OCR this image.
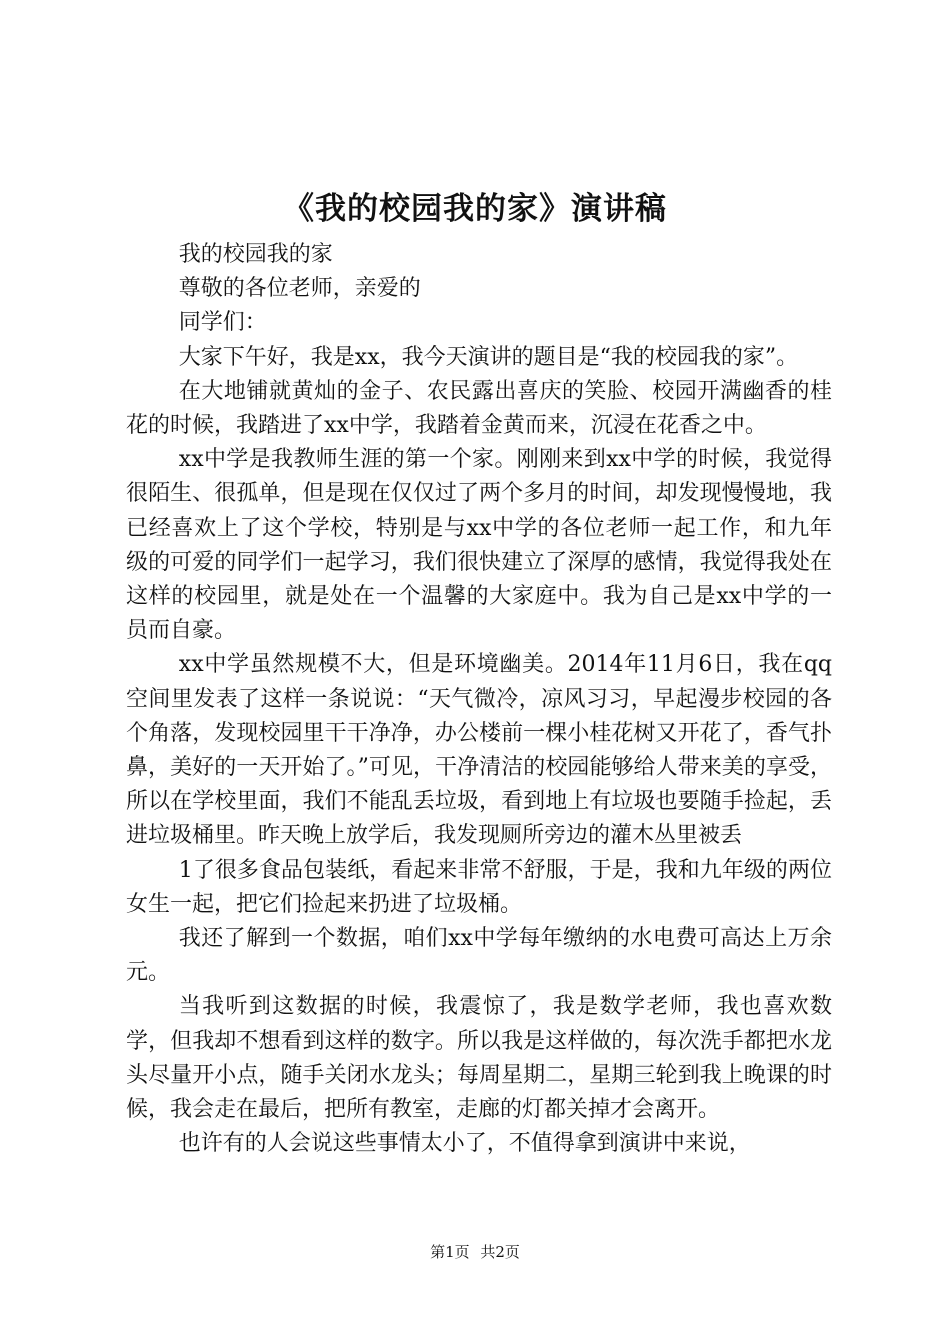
《我的校园我的家》演讲稿

我的校园我的家

尊敬的各位老师，亲爱的

同学们：

大家下午好，我是xx，我今天演讲的题目是“我的校园我的家”。

在大地铺就黄灿的金子、农民露出喜庆的笑脸、校园开满幽香的桂花的时候，我踏进了xx中学，我踏着金黄而来，沉浸在花香之中。

xx中学是我教师生涯的第一个家。刚刚来到xx中学的时候，我觉得很陌生、很孤单，但是现在仅仅过了两个多月的时间，却发现慢慢地，我已经喜欢上了这个学校，特别是与xx中学的各位老师一起工作，和九年级的可爱的同学们一起学习，我们很快建立了深厚的感情，我觉得我处在这样的校园里，就是处在一个温馨的大家庭中。我为自己是xx中学的一员而自豪。

xx中学虽然规模不大，但是环境幽美。2014年11月6日，我在qq空间里发表了这样一条说说：“天气微冷，凉风习习，早起漫步校园的各个角落，发现校园里干干净净，办公楼前一棵小桂花树又开花了，香气扑鼻，美好的一天开始了。”可见，干净清洁的校园能够给人带来美的享受，所以在学校里面，我们不能乱丢垃圾，看到地上有垃圾也要随手捡起，丢进垃圾桶里。昨天晚上放学后，我发现厕所旁边的灌木丛里被丢

1了很多食品包装纸，看起来非常不舒服，于是，我和九年级的两位女生一起，把它们捡起来扔进了垃圾桶。

我还了解到一个数据，咱们xx中学每年缴纳的水电费可高达上万余元。

当我听到这数据的时候，我震惊了，我是数学老师，我也喜欢数学，但我却不想看到这样的数字。所以我是这样做的，每次洗手都把水龙头尽量开小点，随手关闭水龙头；每周星期二，星期三轮到我上晚课的时候，我会走在最后，把所有教室，走廊的灯都关掉才会离开。

也许有的人会说这些事情太小了，不值得拿到演讲中来说，

第1页 共2页
